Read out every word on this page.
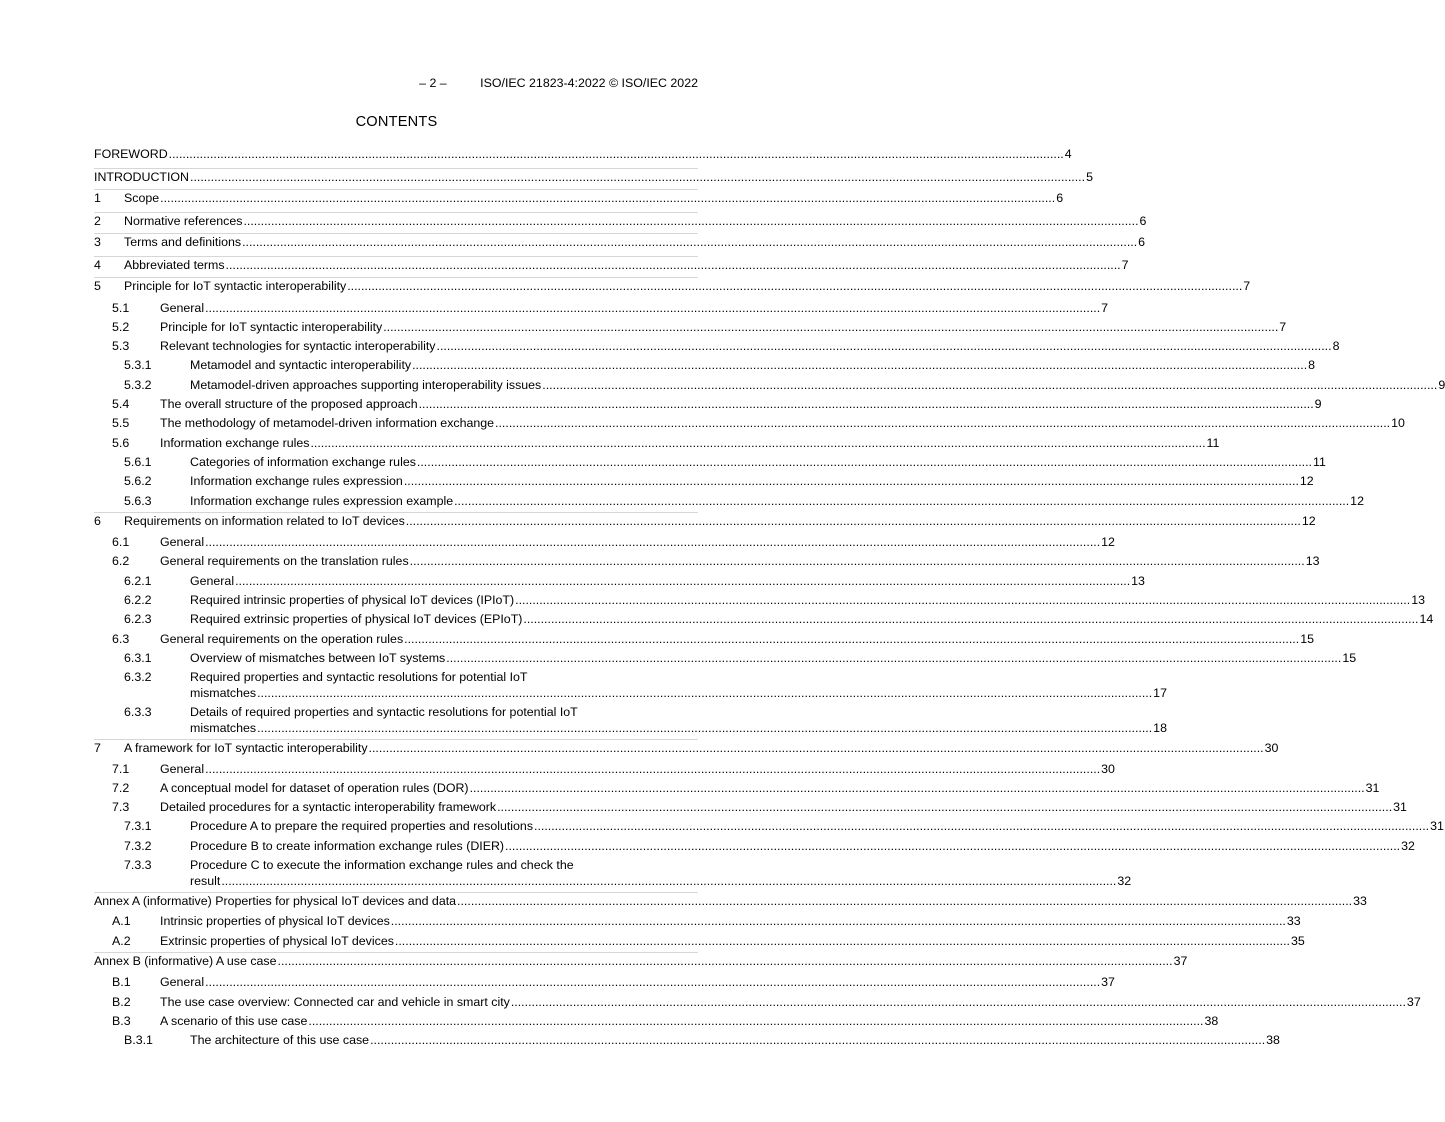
– 2 –	ISO/IEC 21823-4:2022 © ISO/IEC 2022
CONTENTS
FOREWORD .................................................................................................................................................................................................................................................................... 4
INTRODUCTION .................................................................................................................................................................................................................................................................... 5
1 Scope .................................................................................................................................................................................................................................................................... 6
2 Normative references .................................................................................................................................................................................................................................................................... 6
3 Terms and definitions .................................................................................................................................................................................................................................................................... 6
4 Abbreviated terms .................................................................................................................................................................................................................................................................... 7
5 Principle for IoT syntactic interoperability .................................................................................................................................................................................................................................................................... 7
5.1 General .................................................................................................................................................................................................................................................................... 7
5.2 Principle for IoT syntactic interoperability .................................................................................................................................................................................................................................................................... 7
5.3 Relevant technologies for syntactic interoperability .................................................................................................................................................................................................................................................................... 8
5.3.1	Metamodel and syntactic interoperability .................................................................................................................................................................................................................................................................... 8
5.3.2	Metamodel-driven approaches supporting interoperability issues .................................................................................................................................................................................................................................................................... 9
5.4 The overall structure of the proposed approach .................................................................................................................................................................................................................................................................... 9
5.5 The methodology of metamodel-driven information exchange .................................................................................................................................................................................................................................................................... 10
5.6 Information exchange rules .................................................................................................................................................................................................................................................................... 11
5.6.1	Categories of information exchange rules .................................................................................................................................................................................................................................................................... 11
5.6.2	Information exchange rules expression .................................................................................................................................................................................................................................................................... 12
5.6.3	Information exchange rules expression example .................................................................................................................................................................................................................................................................... 12
6 Requirements on information related to IoT devices .................................................................................................................................................................................................................................................................... 12
6.1 General .................................................................................................................................................................................................................................................................... 12
6.2 General requirements on the translation rules .................................................................................................................................................................................................................................................................... 13
6.2.1	General .................................................................................................................................................................................................................................................................... 13
6.2.2	Required intrinsic properties of physical IoT devices (IPIoT) .................................................................................................................................................................................................................................................................... 13
6.2.3	Required extrinsic properties of physical IoT devices (EPIoT) .................................................................................................................................................................................................................................................................... 14
6.3 General requirements on the operation rules .................................................................................................................................................................................................................................................................... 15
6.3.1	Overview of mismatches between IoT systems .................................................................................................................................................................................................................................................................... 15
6.3.2	Required properties and syntactic resolutions for potential IoT
mismatches .................................................................................................................................................................................................................................................................... 17
6.3.3	Details of required properties and syntactic resolutions for potential IoT
mismatches .................................................................................................................................................................................................................................................................... 18
7 A framework for IoT syntactic interoperability .................................................................................................................................................................................................................................................................... 30
7.1 General .................................................................................................................................................................................................................................................................... 30
7.2 A conceptual model for dataset of operation rules (DOR) .................................................................................................................................................................................................................................................................... 31
7.3 Detailed procedures for a syntactic interoperability framework .................................................................................................................................................................................................................................................................... 31
7.3.1	Procedure A to prepare the required properties and resolutions .................................................................................................................................................................................................................................................................... 31
7.3.2	Procedure B to create information exchange rules (DIER) .................................................................................................................................................................................................................................................................... 32
7.3.3	Procedure C to execute the information exchange rules and check the
result .................................................................................................................................................................................................................................................................... 32
Annex A (informative) Properties for physical IoT devices and data .................................................................................................................................................................................................................................................................... 33
A.1 Intrinsic properties of physical IoT devices .................................................................................................................................................................................................................................................................... 33
A.2 Extrinsic properties of physical IoT devices .................................................................................................................................................................................................................................................................... 35
Annex B (informative) A use case .................................................................................................................................................................................................................................................................... 37
B.1 General .................................................................................................................................................................................................................................................................... 37
B.2 The use case overview: Connected car and vehicle in smart city .................................................................................................................................................................................................................................................................... 37
B.3 A scenario of this use case .................................................................................................................................................................................................................................................................... 38
B.3.1	The architecture of this use case .................................................................................................................................................................................................................................................................... 38
